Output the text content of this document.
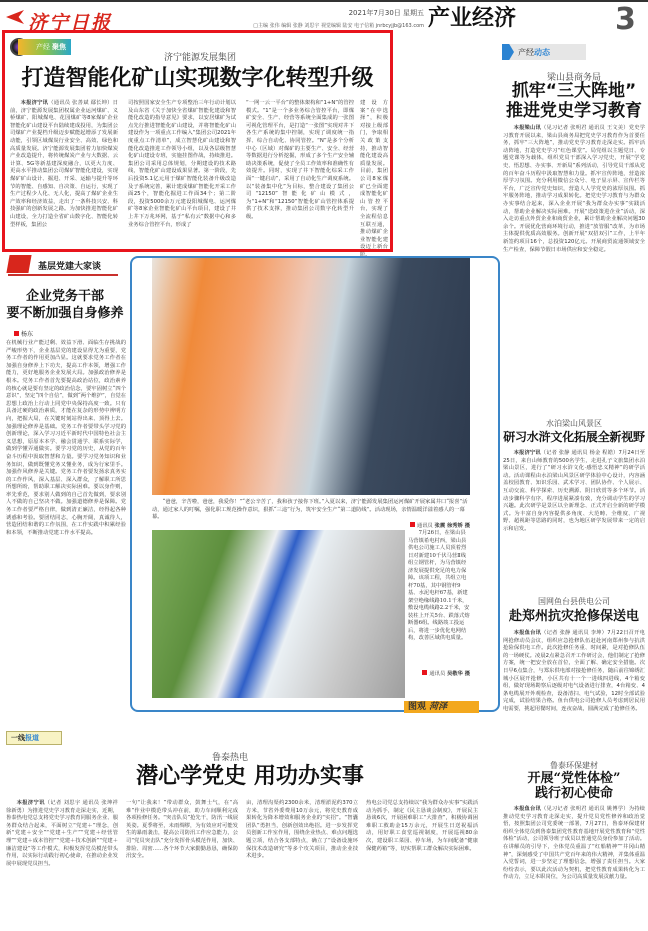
济宁日报	2021年7月30日 星期五
□主编 张伟 编辑 张静 刘思宇 视觉编辑 陆安 电子信箱 jnrbcyjjb@163.com 产业经济	3
产经 聚焦
济宁能源发展集团
打造智能化矿山实现数字化转型升级

本报济宁讯（通讯员 张善斌 鄢长坤）日前，济宁能源发展集团权属企业运河煤矿、义桥煤矿、阳城煤电、花园煤矿等8家煤矿企业智能化矿山建设平台陆续建成投用，为集团公司煤矿产业提档升级迈步赋能起增添了发展新动能，引领区域煤炭行业安全、高效、绿色和高质量发展。济宁能源发展集团着力加快煤炭产业改造提升，将传统煤炭产业与大数据、云计算、5G等新基建深度融合，以更大力度、更高水平推动集团公司煤矿智能化建设，实现煤矿矿山设计、掘进、开采、运输与提升等环节的智能、自感知、自决策、自运行，实现了生产过程少人化、无人化，提高了煤矿企业生产效率和经济效益，走出了一条科技兴安、科技强矿的创新发展之路。为加快推进智能化矿山建设，全力打造全省矿山数字化、智能化转型样板，集团公

司按照国家安全生产专项整治三年行动计划以及山东省《关于加快全省煤矿智能化建设和智能化改造的指导意见》要求，以安居煤矿为试点先行推进智能化矿山建设，并将智能化矿山建设作为一项重点工作编入“集团公司2021年度重点工作清单”，成立智慧化矿山建设和智能化改造推进工作领导小组，以及各层级智慧化矿山建设专班，实施挂图作战，持续推进。集团公司采用总体规划，分期建设的技术路线，智能化矿山建设成果显著。第一阶段，先后投资5.1亿元用于煤矿智能化装备升级改造及子系统完善，累计建成煤矿智能化开采工作面25个，智能化掘进工作面34个；第二阶段，投资5000余万元建设阳城煤电、运河煤矿等8家企业智能化矿山平台项目，建设了井上井下万兆环网，基于“私有云”数据中心和多业务综合管控平台，形成了
“一网一云一平台”的整体架构和“1+N”的管控模式。“1”是一个多业务综合管控平台，即煤矿安全、生产、经营等系统全面集成的一张图可视化管理平台，是打造“一张图”实现对井下各生产系统的集中控制，实现了调度统一指挥、综合自动化、协同管控。“N”是多个分析中心（区域）对煤矿的主要生产、安全、经营等数据进行分析挖掘，形成了多个生产安全辅助决策系统，促使了全员工作效率和准确性有效提升。同时，实现了井下智能化综采工作面“一键启动”，采用了自动化生产调度系统。以“装备集中化”为目标，整合建设了集团公司“12150”智能化矿山模式，为“1+N”和“12150”智能化矿山管控体系提供了技术支撑，推动集团公司数字化转型升级。
建设方案“在中选择”，积极对接上级部门，争取相关政策支持，推动智能化建设高质量发展。目前，集团公司8家煤矿已全面建成智能化矿山管控平台，实现了全流程信息互联互通，推动煤矿企业智能化建设迈上新台阶。
产经 动态
梁山县商务局
抓牢“三大阵地”
推进党史学习教育

本报梁山讯（见习记者 张明君 通讯员 王文美）党史学习教育开展以来，梁山县商务局把党史学习教育作为首要任务，抓牢“三大阵地”，推动党史学习教育走深走实。抓牢活动阵地，打造党史学习“红色课堂”。局党组以主题党日、专题党课等为载体，组织党员干部深入学习党史，开展“学党史、悟思想、办实事、开新局”系列活动，引导党员干部从党的百年奋斗历程中汲取智慧和力量。抓牢宣传阵地，营造浓厚学习氛围。充分利用微信公众号、电子显示屏、宣传栏等平台，广泛宣传党史知识，营造人人学党史的浓厚氛围。抓牢服务阵地，推动学习成果转化。把党史学习教育与为群众办实事结合起来，深入企业开展“我为群众办实事”实践活动，帮助企业解决实际困难。开展“送政策进企业”活动，深入走访重点外贸企业和商贸企业，累计帮助企业解决问题30余个。开展优化营商环境行动，推进“放管服”改革，为市场主体提供优质高效服务。创新开展“双招双引”工作，上半年新签约项目16个，总投资120亿元。开展商贸流通领域安全生产检查，保障节假日市场供应和安全稳定。

水泊梁山风景区
研习水浒文化拓展全新视野

本报济宁讯（记者 张静 通讯员 杨金 程皓）7月24日至25日，来自山师教育的500名学生，走进孔子文旅集团水泊梁山景区，进行了“研习水浒文化·感悟忠义精神”的研学活动。活动课程由水泊梁山风景区研学体验中心设计，内容涵盖校园教育、知识乐园、武术学习、团队协作、个人展示、互动交流、科学探索、历史溯源、阴日欣赏等多个环节。活动步骤科学有序，程序进展紧凑有致，充分调动学生的学习兴趣。此次研学是景区以全新理念、正式开启全新的研学模式。为丰富自身内容提供多角度、大范畴、全维度、广视野、超视距等思路的同时，也为地区研学发展带来一定的启示和启发。

国网鱼台县供电公司
赴郑州抗灾抢修保送电

本报鱼台讯（记者 张静 通讯员 李坤）7月22日召开电网抢修动员会议，组织应急抢修队伍赶赴河南郑州参与抗洪抢险保供电工作。此次抢修任务重、时间紧，是对抢修队伍的一场硬仗。凌晨2点紧急召开工作研讨会，他们制定了抢修方案，统一把安全放在首位，全面了解、确定安全措施。次日早6点集合，与郑东供电部对接抢修任务，随后前往锦绣汇城小区展开抢修，小区共有十一个一进线四进线，4个箱变组，做好现场勘察后逐级对电气设备进行排查，4台箱变、4条电缆展开外观检查，设备清扫、电气试验，12时全部试验完成，试验结果合格。鱼台供电公司抢修人员考虑到居民用电需要，挑起用餐时间，连夜奋战，圆满完成了抢修任务。

鲁泰环保建材
开展“党性体检”
践行初心使命

本报鱼台讯（见习记者 张明君 通讯员 姚博学）为持续推动党史学习教育走深走实，提升党员党性修养和政治觉悟，按照集团公司党委统一部署，7月27日，鲁泰环保建材组织全体党员到鲁泰集团党性教育基地开展党性教育和“党性体检”活动，公司领导班子成员以普通党员身份参加了活动。在讲解员的引导下，全体党员重温了“红船精神”“井冈山精神”，深刻感受了中国共产党百年来的伟大精神，并集体重温入党誓词，进一步坚定了理想信念，增强了责任担当。大家纷纷表示，要以此次活动为契机，把党性教育成果转化为工作动力，立足本职岗位，为公司高质量发展贡献力量。

基层党建大家谈
企业党务干部
要不断加强自身修养
杨东
在机械行业产能过剩、效益下滑、面临生存挑战的严峻形势下，企业基层党的建设显得尤为重要，党务工作者的作用更加凸显。这就要求党务工作者在加强自身修养上下功夫，提高工作本领，增强工作能力，更好地服务企业发展大局。加强政治修养是根本。党务工作者首先要提高政治站位，政治素养的核心就是要有坚定的政治信念，要牢固树立“四个意识”，坚定“四个自信”，做到“两个维护”，自觉在思想上政治上行动上同党中央保持高度一致。只有具备过硬的政治素质，才能在复杂的形势中辨明方向，把握大局，在关键时刻站得出来、顶得上去。加强理论修养是基础。党务工作者要带头学习党的创新理论，深入学习习近平新时代中国特色社会主义思想，原原本本学、融会贯通学、联系实际学，做到学懂弄通做实。要学习党的历史，从党的百年奋斗历程中汲取智慧和力量。要学习党务知识和业务知识，做到既懂党务又懂业务，成为行家里手。加强作风修养是关键。党务工作者要发扬求真务实的工作作风，深入基层、深入群众，了解职工所思所想所盼，帮助职工解决实际困难。要以身作则，率先垂范，要求别人做到的自己首先做到，要求别人不做的自己坚决不做。加强道德修养是保障。党务工作者要严格自律，做到清正廉洁，经得起各种诱惑和考验。要团结同志，心胸开阔，真诚待人，营造团结和谐的工作氛围，在工作实践中积累经验和本领，不断推动党建工作水平提高。
“爸爸，辛苦啦，爸爸，我爱你！”“老公辛苦了，我和孩子接你下班。”入夏以来，济宁能源发展集团运河煤矿开展家属井口“报喜”活动，通过家人的叮嘱，强化职工规范操作意识，狠抓“三违”行为，筑牢安全生产“第二道防线”。活动现场，亲情温暖洋溢着感人的一幕幕。
通讯员 张震 徐秀娇 摄
7月26日，在梁山县马营镇希电村西，梁山县供电公司施工人员顶着烈日对新建10千伏马营Ⅱ线组立钢管杆，为马营镇经济发展提供充足的电力保障。该项工程，共组立电杆70基，其中钢管杆9基、水泥电杆67基，新建架空绝缘线路10.1千米，敷设电缆线路2.2千米，安装柱上开关5台、跌落式熔断器6组。线路竣工投运后，将进一步优化电网结构，改善区域供电质量。
通讯员 吴敬华 摄
图观 菏泽
一线报道
鲁泰热电
潜心学党史 用功办实事

本报济宁讯（记者 刘思宇 通讯员 张坤祥 徐新勇）为推进党史学习教育走深走实，近期，鲁泰热电党总支将党史学习教育同服务企业、服务群众结合起来，平面树立“党建＋”理念，创新“党建＋安全”“党建＋生产”“党建＋经营管理”“党建＋成本管控”“党建＋技术创新”“党建＋廉洁建设”等工作模式，积极发挥党员模范带头作用，以实际行动践行初心使命，在推动企业发展中展现党员担当。

一句“让我来！”带动群众，鼓舞士气，在“高难”作业中模范带头冲在前，助力车间顺利完成各项检修任务。“突击队员”抢先干，防汛一线展英姿。夏季将至，未雨绸缪，为有效应对可能发生的暴雨袭击，提高公司防汛工作应急能力，公司“党员突击队”充分发挥骨头模范作用，加快、排险、周密……各个环节大家勤勤恳恳，确保防汛安全。
亩，清理沟渠约2300余米，清理淤泥约370立方米，节省外委费用10万余元，将党史教育成果转化为降本增效和服务企业的“实招”。“智囊团队”勇担当，创新创效出绝招。进一步发挥党员创新工作室作用，围绕企业热点、难点问题选题立项，结合各支部特点，确立了“设备设施环保技术改造研究”等多个攻关项目，推动企业技术进步。
热电公司党总支持续以“我为群众办实事”实践活动为抓手，制定《民主恳谈会制度》，开展民主恳谈6次，开展困难职工“大排查”，积极协调困难职工救助金15万余元，开展生日送祝福活动，用好职工食堂巡视制度，开展巡视80余次，建设职工菜园、停车场，为车间配备“健康保健药箱”等，切实帮职工群众解决实际困难。
